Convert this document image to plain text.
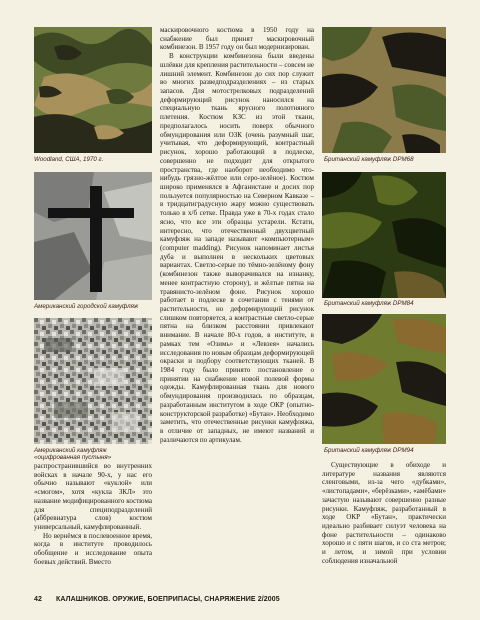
Woodland, США, 1970 г.
Американский городской камуфляж
Американский камуфляж «оцифрованная пустыня»

распространившийся во внутренних войсках в начале 90-х, у нас его обычно называют «куклой» или «смогом», хотя «кукла ЗКЛ» это название модифицированного костюма для специподразделений (аббревиатура слов) костюм универсальный, камуфлированный.

Но вернёмся в послевоенное время, когда в институте проводилось обобщение и исследование опыта боевых действий. Вместо

маскировочного костюма в 1950 году на снабжение был принят маскировочный комбинезон. В 1957 году он был модернизирован.

В конструкции комбинезона были введены шлёвки для крепления растительности – совсем не лишний элемент. Комбинезон до сих пор служит во многих разведподразделениях – из старых запасов. Для мотострелковых подразделений деформирующий рисунок наносился на специальную ткань ярусного полотняного плетения. Костюм КЗС из этой ткани, предполагалось носить поверх обычного обмундирования или ОЗК (очень разумный шаг, учитывая, что деформирующий, контрастный рисунок, хорошо работающий в подлеске, совершенно не подходит для открытого пространства, где наоборот необходимо что-нибудь грязно-жёлтое или серо-зелёное). Костюм широко применялся в Афганистане и досих пор пользуется популярностью на Северном Кавказе – в тридцатиградусную жару можно существовать только в х/б сетке. Правда уже в 70-х годах стало ясно, что все эти образцы устарели. Кстати, интересно, что отечественный двухцветный камуфляж на западе называют «компьютерным» (computer madding). Рисунок напоминает листья дуба и выполнен в нескольких цветовых вариантах. Светло-серые по тёмно-зелёному фону (комбинезон также выворачивался на изнанку, менее контрастную сторону), и жёлтые пятна на травянисто-зелёном фоне. Рисунок хорошо работает в подлеске в сочетании с тенями от растительности, но деформирующий рисунок слишком повторяется, а контрастные светло-серые пятна на близком расстоянии привлекают внимание. В начале 80-х годов, в институте, в рамках тем «Озимь» и «Левзея» начались исследования по новым образцам деформирующей окраски и подбору соответствующих тканей. В 1984 году было принято постановление о принятии на снабжение новой полевой формы одежды. Камуфлированная ткань для нового обмундирования производилась по образцам, разработанным институтом в ходе ОКР (опытно-конструкторской разработке) «Бутан». Необходимо заметить, что отечественные рисунки камуфляжа, в отличие от западных, не имеют названий и различаются по артикулам.

Британский камуфляж DPM68
Британский камуфляж DPM84
Британский камуфляж DPM94

Существующие в обиходе и литературе названия являются сленговыми, из-за чего «дубками», «листопадами», «берёзками», «амёбами» зачастую называют совершенно разные рисунки. Камуфляж, разработанный в ходе ОКР «Бутан», практически идеально разбивает силуэт человека на фоне растительности – одинаково хорошо и с пяти шагов, и со ста метров; и летом, и зимой при условии соблюдения изначальной

42 КАЛАШНИКОВ. ОРУЖИЕ, БОЕПРИПАСЫ, СНАРЯЖЕНИЕ 2/2005
